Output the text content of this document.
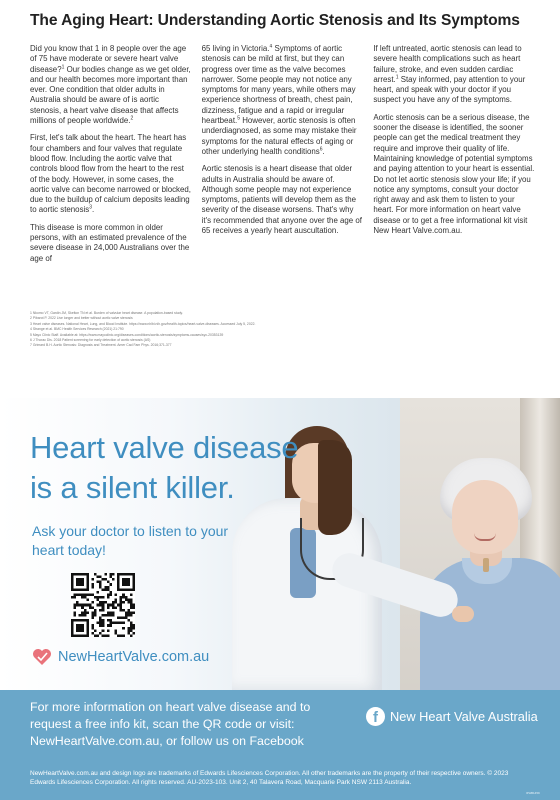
The Aging Heart: Understanding Aortic Stenosis and Its Symptoms

Did you know that 1 in 8 people over the age of 75 have moderate or severe heart valve disease?$^1$ Our bodies change as we get older, and our health becomes more important than ever. One condition that older adults in Australia should be aware of is aortic stenosis, a heart valve disease that affects millions of people worldwide.$^2$

First, let's talk about the heart. The heart has four chambers and four valves that regulate blood flow. Including the aortic valve that controls blood flow from the heart to the rest of the body. However, in some cases, the aortic valve can become narrowed or blocked, due to the buildup of calcium deposits leading to aortic stenosis$^3$.

This disease is more common in older persons, with an estimated prevalence of the severe disease in 24,000 Australians over the age of

65 living in Victoria.$^4$ Symptoms of aortic stenosis can be mild at first, but they can progress over time as the valve becomes narrower. Some people may not notice any symptoms for many years, while others may experience shortness of breath, chest pain, dizziness, fatigue and a rapid or irregular heartbeat.$^5$ However, aortic stenosis is often underdiagnosed, as some may mistake their symptoms for the natural effects of aging or other underlying health conditions$^6$.

Aortic stenosis is a heart disease that older adults in Australia should be aware of. Although some people may not experience symptoms, patients will develop them as the severity of the disease worsens. That's why it's recommended that anyone over the age of 65 receives a yearly heart auscultation.

If left untreated, aortic stenosis can lead to severe health complications such as heart failure, stroke, and even sudden cardiac arrest.$^1$ Stay informed, pay attention to your heart, and speak with your doctor if you suspect you have any of the symptoms.

Aortic stenosis can be a serious disease, the sooner the disease is identified, the sooner people can get the medical treatment they require and improve their quality of life. Maintaining knowledge of potential symptoms and paying attention to your heart is essential. Do not let aortic stenosis slow your life; if you notice any symptoms, consult your doctor right away and ask them to listen to your heart. For more information on heart valve disease or to get a free informational kit visit New Heart Valve.com.au.

1 Nkomo VT, Gardin JM, Skelton TN et al. Burden of valvular heart disease. A population-based study.
2 Pibarot P. 2022 Live longer and better without aortic valve stenosis
3 Heart valve diseases. National Heart, Lung, and Blood Institute. https://www.nhlbi.nih.gov/health-topics/heart-valve-diseases. Accessed July 5, 2022.
4 Strange et al. BMC Health Services Research (2021) 21:790
5 Mayo Clinic Staff. Available at: https://www.mayoclinic.org/diseases-conditions/aortic-stenosis/symptoms-causes/syc-20353139
6 J Thorac Dis. 2018 Patient screening for early detection of aortic stenosis (AS)
7 Grimard B.H. Aortic Stenosis: Diagnosis and Treatment. Amer Cad Fam Phys. 2016;371-377
Heart valve disease
is a silent killer.
Ask your doctor to listen to your
heart today!
NewHeartValve.com.au
For more information on heart valve disease and to
request a free info kit, scan the QR code or visit:
NewHeartValve.com.au, or follow us on Facebook
f New Heart Valve Australia
NewHeartValve.com.au and design logo are trademarks of Edwards Lifesciences Corporation. All other trademarks are the property of their respective owners. © 2023 Edwards Lifesciences Corporation. All rights reserved. AU-2023-103. Unit 2, 40 Talavera Road, Macquarie Park NSW 2113 Australia.
IPHB1459
